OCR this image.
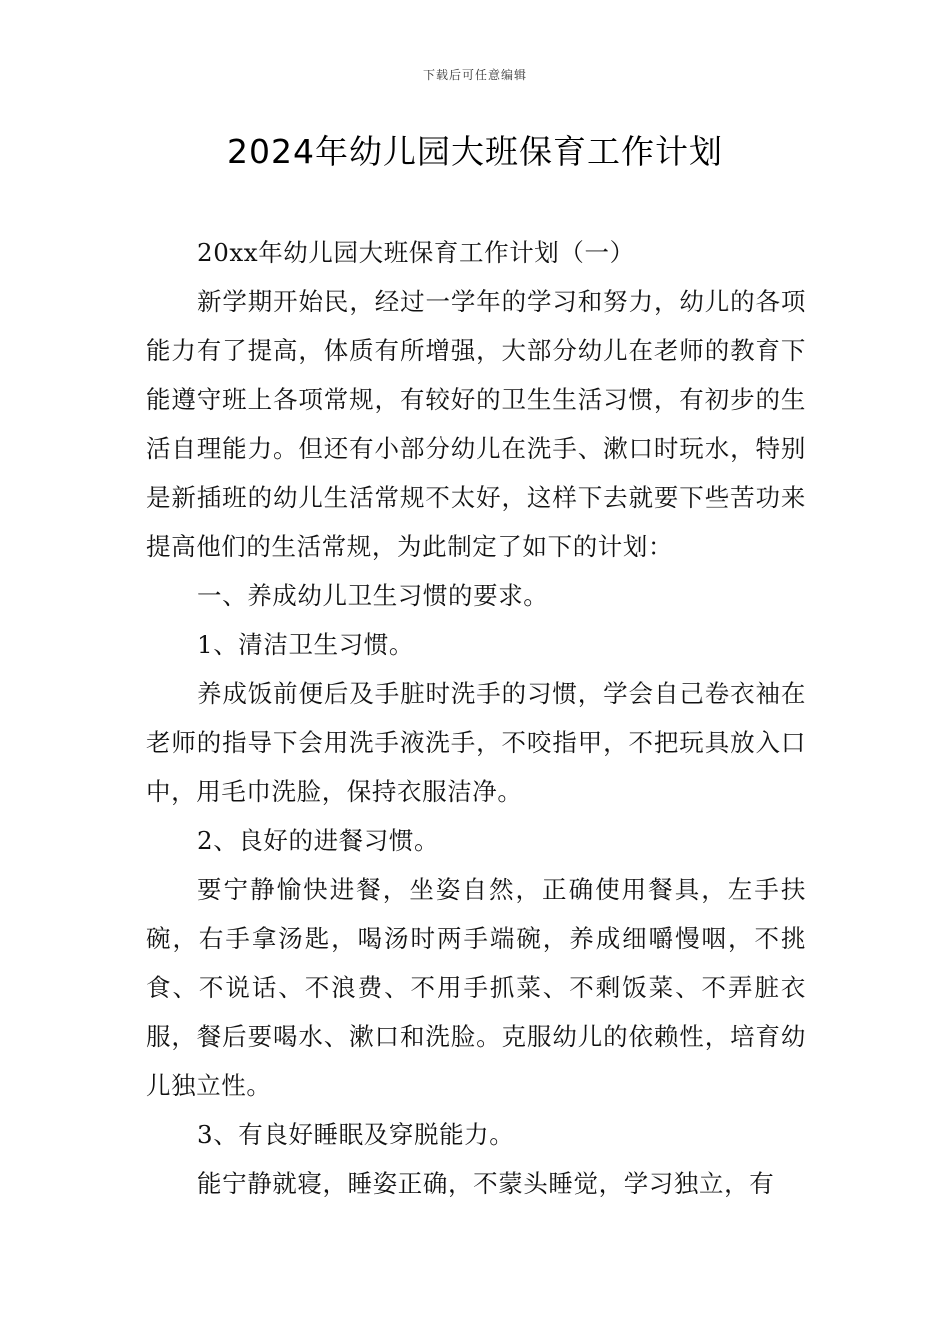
下载后可任意编辑
2024年幼儿园大班保育工作计划

20xx年幼儿园大班保育工作计划（一）

新学期开始民，经过一学年的学习和努力，幼儿的各项能力有了提高，体质有所增强，大部分幼儿在老师的教育下能遵守班上各项常规，有较好的卫生生活习惯，有初步的生活自理能力。但还有小部分幼儿在洗手、漱口时玩水，特别是新插班的幼儿生活常规不太好，这样下去就要下些苦功来提高他们的生活常规，为此制定了如下的计划：

一、养成幼儿卫生习惯的要求。

1、清洁卫生习惯。

养成饭前便后及手脏时洗手的习惯，学会自己卷衣袖在老师的指导下会用洗手液洗手，不咬指甲，不把玩具放入口中，用毛巾洗脸，保持衣服洁净。

2、良好的进餐习惯。

要宁静愉快进餐，坐姿自然，正确使用餐具，左手扶碗，右手拿汤匙，喝汤时两手端碗，养成细嚼慢咽，不挑食、不说话、不浪费、不用手抓菜、不剩饭菜、不弄脏衣服，餐后要喝水、漱口和洗脸。克服幼儿的依赖性，培育幼儿独立性。

3、有良好睡眠及穿脱能力。

能宁静就寝，睡姿正确，不蒙头睡觉，学习独立，有
